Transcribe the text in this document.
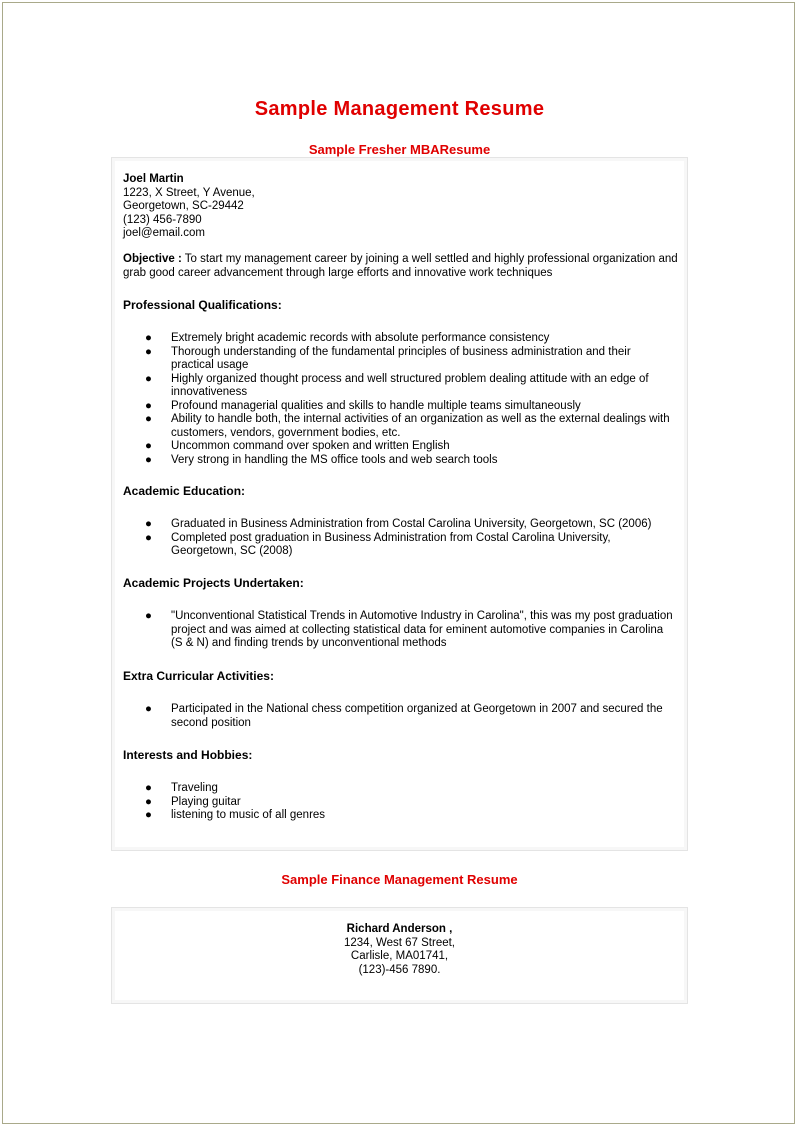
Sample Management Resume
Sample Fresher MBAResume
Joel Martin
1223, X Street, Y Avenue,
Georgetown, SC-29442
(123) 456-7890
joel@email.com
Objective : To start my management career by joining a well settled and highly professional organization and grab good career advancement through large efforts and innovative work techniques
Professional Qualifications:
● Extremely bright academic records with absolute performance consistency
● Thorough understanding of the fundamental principles of business administration and their practical usage
● Highly organized thought process and well structured problem dealing attitude with an edge of innovativeness
● Profound managerial qualities and skills to handle multiple teams simultaneously
● Ability to handle both, the internal activities of an organization as well as the external dealings with customers, vendors, government bodies, etc.
● Uncommon command over spoken and written English
● Very strong in handling the MS office tools and web search tools
Academic Education:
● Graduated in Business Administration from Costal Carolina University, Georgetown, SC (2006)
● Completed post graduation in Business Administration from Costal Carolina University, Georgetown, SC (2008)
Academic Projects Undertaken:
● "Unconventional Statistical Trends in Automotive Industry in Carolina", this was my post graduation project and was aimed at collecting statistical data for eminent automotive companies in Carolina (S & N) and finding trends by unconventional methods
Extra Curricular Activities:
● Participated in the National chess competition organized at Georgetown in 2007 and secured the second position
Interests and Hobbies:
● Traveling
● Playing guitar
● listening to music of all genres
Sample Finance Management Resume
Richard Anderson ,
1234, West 67 Street,
Carlisle, MA01741,
(123)-456 7890.
